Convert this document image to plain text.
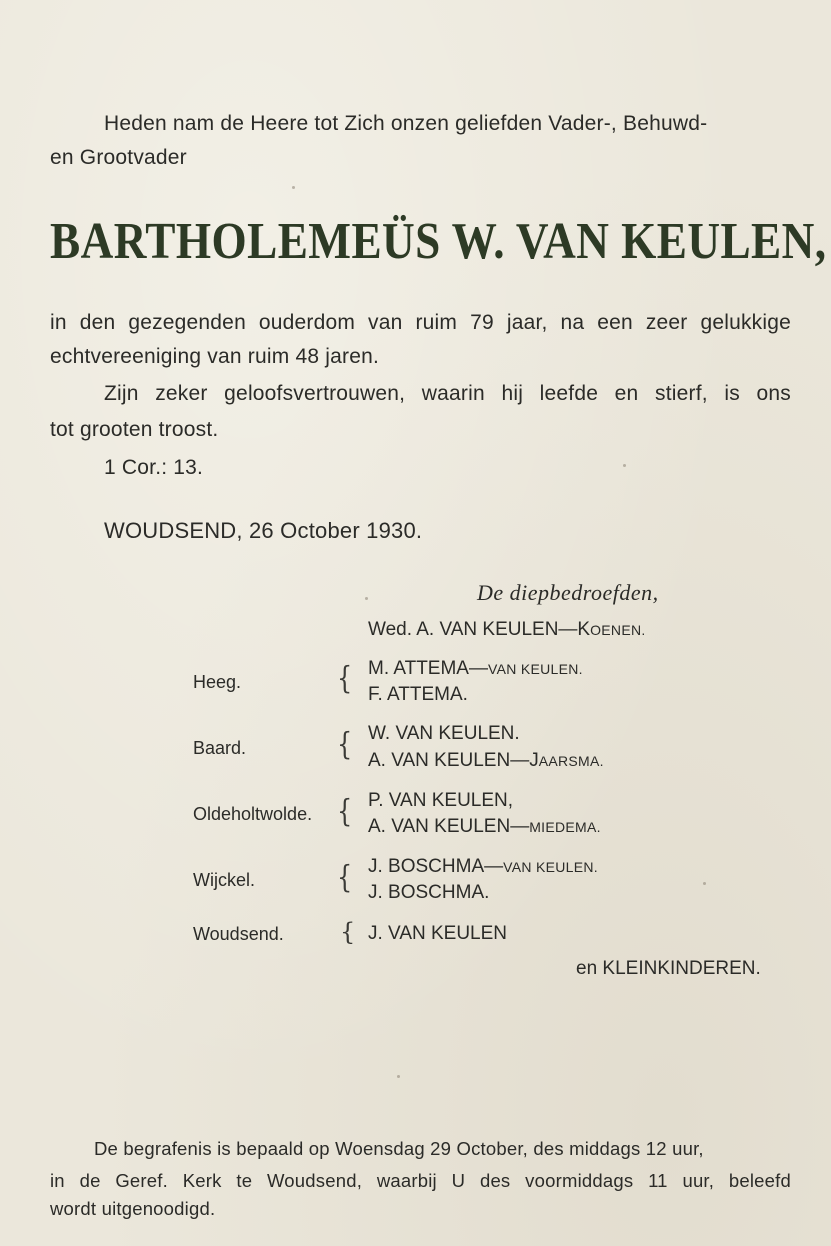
Heden nam de Heere tot Zich onzen geliefden Vader-, Behuwd-
en Grootvader
BARTHOLEMEÜS W. VAN KEULEN,
in den gezegenden ouderdom van ruim 79 jaar, na een zeer gelukkige
echtvereeniging van ruim 48 jaren.
Zijn zeker geloofsvertrouwen, waarin hij leefde en stierf, is ons
tot grooten troost.
1 Cor.: 13.
WOUDSEND, 26 October 1930.
De diepbedroefden,
Wed. A. VAN KEULEN—KOENEN.
Heeg.	{ M. ATTEMA—VAN KEULEN.
F. ATTEMA.
Baard.	{ W. VAN KEULEN.
A. VAN KEULEN—JAARSMA.
Oldeholtwolde. { P. VAN KEULEN,
A. VAN KEULEN—MIEDEMA.
Wijckel.	{ J. BOSCHMA—VAN KEULEN.
J. BOSCHMA.
Woudsend. { J. VAN KEULEN
en KLEINKINDEREN.
De begrafenis is bepaald op Woensdag 29 October, des middags 12 uur,
in de Geref. Kerk te Woudsend, waarbij U des voormiddags 11 uur, beleefd
wordt uitgenoodigd.
